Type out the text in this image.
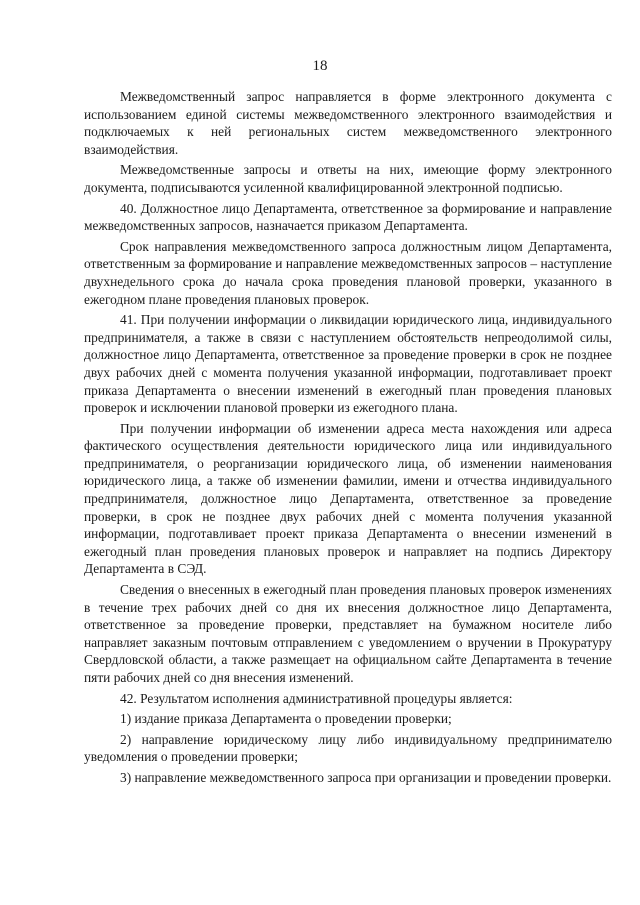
18

Межведомственный запрос направляется в форме электронного документа с использованием единой системы межведомственного электронного взаимодействия и подключаемых к ней региональных систем межведомственного электронного взаимодействия.

Межведомственные запросы и ответы на них, имеющие форму электронного документа, подписываются усиленной квалифицированной электронной подписью.

40. Должностное лицо Департамента, ответственное за формирование и направление межведомственных запросов, назначается приказом Департамента.

Срок направления межведомственного запроса должностным лицом Департамента, ответственным за формирование и направление межведомственных запросов – наступление двухнедельного срока до начала срока проведения плановой проверки, указанного в ежегодном плане проведения плановых проверок.

41. При получении информации о ликвидации юридического лица, индивидуального предпринимателя, а также в связи с наступлением обстоятельств непреодолимой силы, должностное лицо Департамента, ответственное за проведение проверки в срок не позднее двух рабочих дней с момента получения указанной информации, подготавливает проект приказа Департамента о внесении изменений в ежегодный план проведения плановых проверок и исключении плановой проверки из ежегодного плана.

При получении информации об изменении адреса места нахождения или адреса фактического осуществления деятельности юридического лица или индивидуального предпринимателя, о реорганизации юридического лица, об изменении наименования юридического лица, а также об изменении фамилии, имени и отчества индивидуального предпринимателя, должностное лицо Департамента, ответственное за проведение проверки, в срок не позднее двух рабочих дней с момента получения указанной информации, подготавливает проект приказа Департамента о внесении изменений в ежегодный план проведения плановых проверок и направляет на подпись Директору Департамента в СЭД.

Сведения о внесенных в ежегодный план проведения плановых проверок изменениях в течение трех рабочих дней со дня их внесения должностное лицо Департамента, ответственное за проведение проверки, представляет на бумажном носителе либо направляет заказным почтовым отправлением с уведомлением о вручении в Прокуратуру Свердловской области, а также размещает на официальном сайте Департамента в течение пяти рабочих дней со дня внесения изменений.

42. Результатом исполнения административной процедуры является:

1) издание приказа Департамента о проведении проверки;

2) направление юридическому лицу либо индивидуальному предпринимателю уведомления о проведении проверки;

3) направление межведомственного запроса при организации и проведении проверки.
